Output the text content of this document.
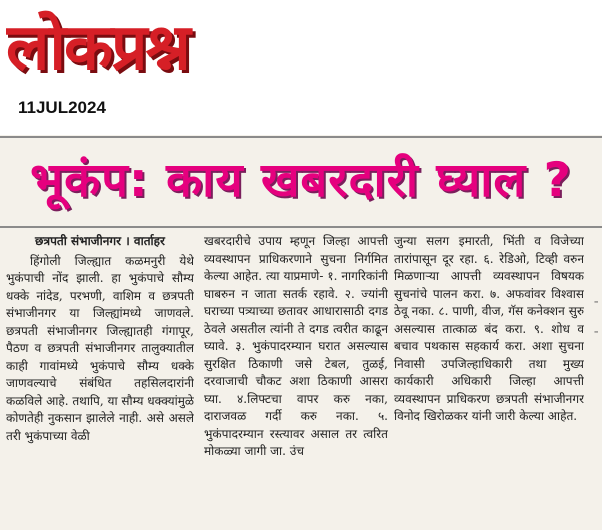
लोकप्रश्न
11JUL2024
भूकंप: काय खबरदारी घ्याल ?

छत्रपती संभाजीनगर । वार्ताहर

हिंगोली जिल्ह्यात कळमनुरी येथे भुकंपाची नोंद झाली. हा भुकंपाचे सौम्य धक्के नांदेड, परभणी, वाशिम व छत्रपती संभाजीनगर या जिल्ह्यांमध्ये जाणवले. छत्रपती संभाजीनगर जिल्ह्यातही गंगापूर, पैठण व छत्रपती संभाजीनगर तालुक्यातील काही गावांमध्ये भुकंपाचे सौम्य धक्के जाणवल्याचे संबंधित तहसिलदारांनी कळविले आहे. तथापि, या सौम्य धक्क्यांमुळे कोणतेही नुकसान झालेले नाही. असे असले तरी भुकंपाच्या वेळी

खबरदारीचे उपाय म्हणून जिल्हा आपत्ती व्यवस्थापन प्राधिकरणाने सुचना निर्गमित केल्या आहेत. त्या याप्रमाणे- १. नागरिकांनी घाबरुन न जाता सतर्क रहावे. २. ज्यांनी घराच्या पत्र्याच्या छतावर आधारासाठी दगड ठेवले असतील त्यांनी ते दगड त्वरीत काढून घ्यावे. ३. भुकंपादरम्यान घरात असल्यास सुरक्षित ठिकाणी जसे टेबल, तुळई, दरवाजाची चौकट अशा ठिकाणी आसरा घ्या. ४.लिफ्टचा वापर करु नका, दाराजवळ गर्दी करु नका. ५. भुकंपादरम्यान रस्त्यावर असाल तर त्वरित मोकळ्या जागी जा. उंच

जुन्या सलग इमारती, भिंती व विजेच्या तारांपासून दूर रहा. ६. रेडिओ, टिव्ही वरुन मिळणाऱ्या आपत्ती व्यवस्थापन विषयक सुचनांचे पालन करा. ७. अफवांवर विश्वास ठेवू नका. ८. पाणी, वीज, गॅस कनेक्शन सुरु असल्यास तात्काळ बंद करा. ९. शोध व बचाव पथकास सहकार्य करा. अशा सुचना निवासी उपजिल्हाधिकारी तथा मुख्य कार्यकारी अधिकारी जिल्हा आपत्ती व्यवस्थापन प्राधिकरण छत्रपती संभाजीनगर विनोद खिरोळकर यांनी जारी केल्या आहेत.

-

-
